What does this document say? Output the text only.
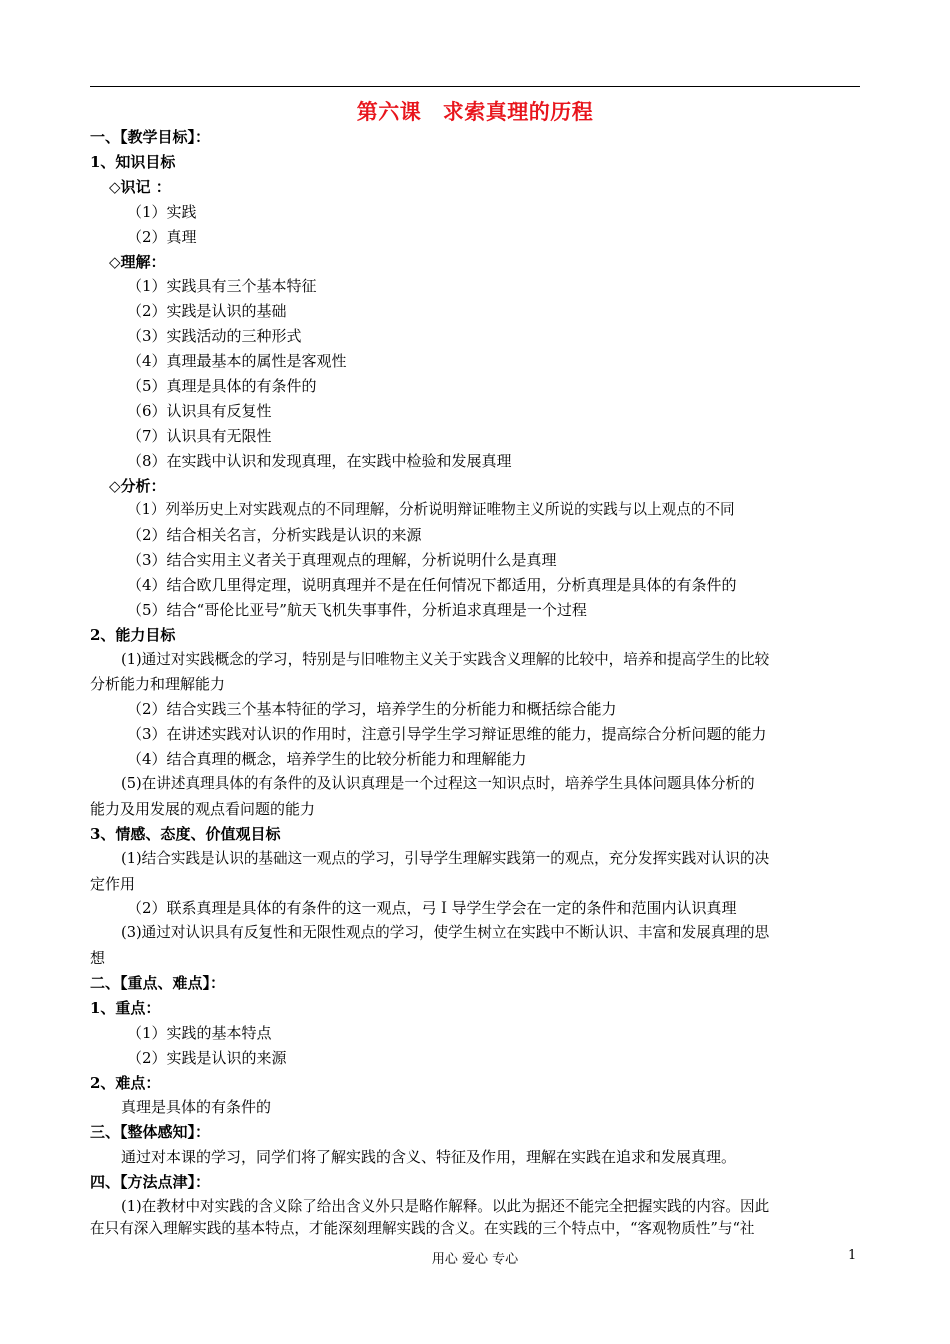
第六课　求索真理的历程
一、【教学目标】：
1、知识目标
◇识记 ：
（1）实践
（2）真理
◇理解：
（1）实践具有三个基本特征
（2）实践是认识的基础
（3）实践活动的三种形式
（4）真理最基本的属性是客观性
（5）真理是具体的有条件的
（6）认识具有反复性
（7）认识具有无限性
（8）在实践中认识和发现真理，在实践中检验和发展真理
◇分析：
（1）列举历史上对实践观点的不同理解，分析说明辩证唯物主义所说的实践与以上观点的不同
（2）结合相关名言，分析实践是认识的来源
（3）结合实用主义者关于真理观点的理解，分析说明什么是真理
（4）结合欧几里得定理，说明真理并不是在任何情况下都适用，分析真理是具体的有条件的
（5）结合“哥伦比亚号”航天飞机失事事件，分析追求真理是一个过程
2、能力目标
(1)通过对实践概念的学习，特别是与旧唯物主义关于实践含义理解的比较中，培养和提高学生的比较
分析能力和理解能力
（2）结合实践三个基本特征的学习，培养学生的分析能力和概括综合能力
（3）在讲述实践对认识的作用时，注意引导学生学习辩证思维的能力，提高综合分析问题的能力
（4）结合真理的概念，培养学生的比较分析能力和理解能力
(5)在讲述真理具体的有条件的及认识真理是一个过程这一知识点时，培养学生具体问题具体分析的
能力及用发展的观点看问题的能力
3、情感、态度、价值观目标
(1)结合实践是认识的基础这一观点的学习，引导学生理解实践第一的观点，充分发挥实践对认识的决
定作用
（2）联系真理是具体的有条件的这一观点，弓Ｉ导学生学会在一定的条件和范围内认识真理
(3)通过对认识具有反复性和无限性观点的学习，使学生树立在实践中不断认识、丰富和发展真理的思
想
二、【重点、难点】：
1、重点：
（1）实践的基本特点
（2）实践是认识的来源
2、难点：
真理是具体的有条件的
三、【整体感知】：
通过对本课的学习，同学们将了解实践的含义、特征及作用，理解在实践在追求和发展真理。
四、【方法点津】：
(1)在教材中对实践的含义除了给出含义外只是略作解释。以此为据还不能完全把握实践的内容。因此
在只有深入理解实践的基本特点，才能深刻理解实践的含义。在实践的三个特点中，“客观物质性”与“社
用心 爱心 专心	1
